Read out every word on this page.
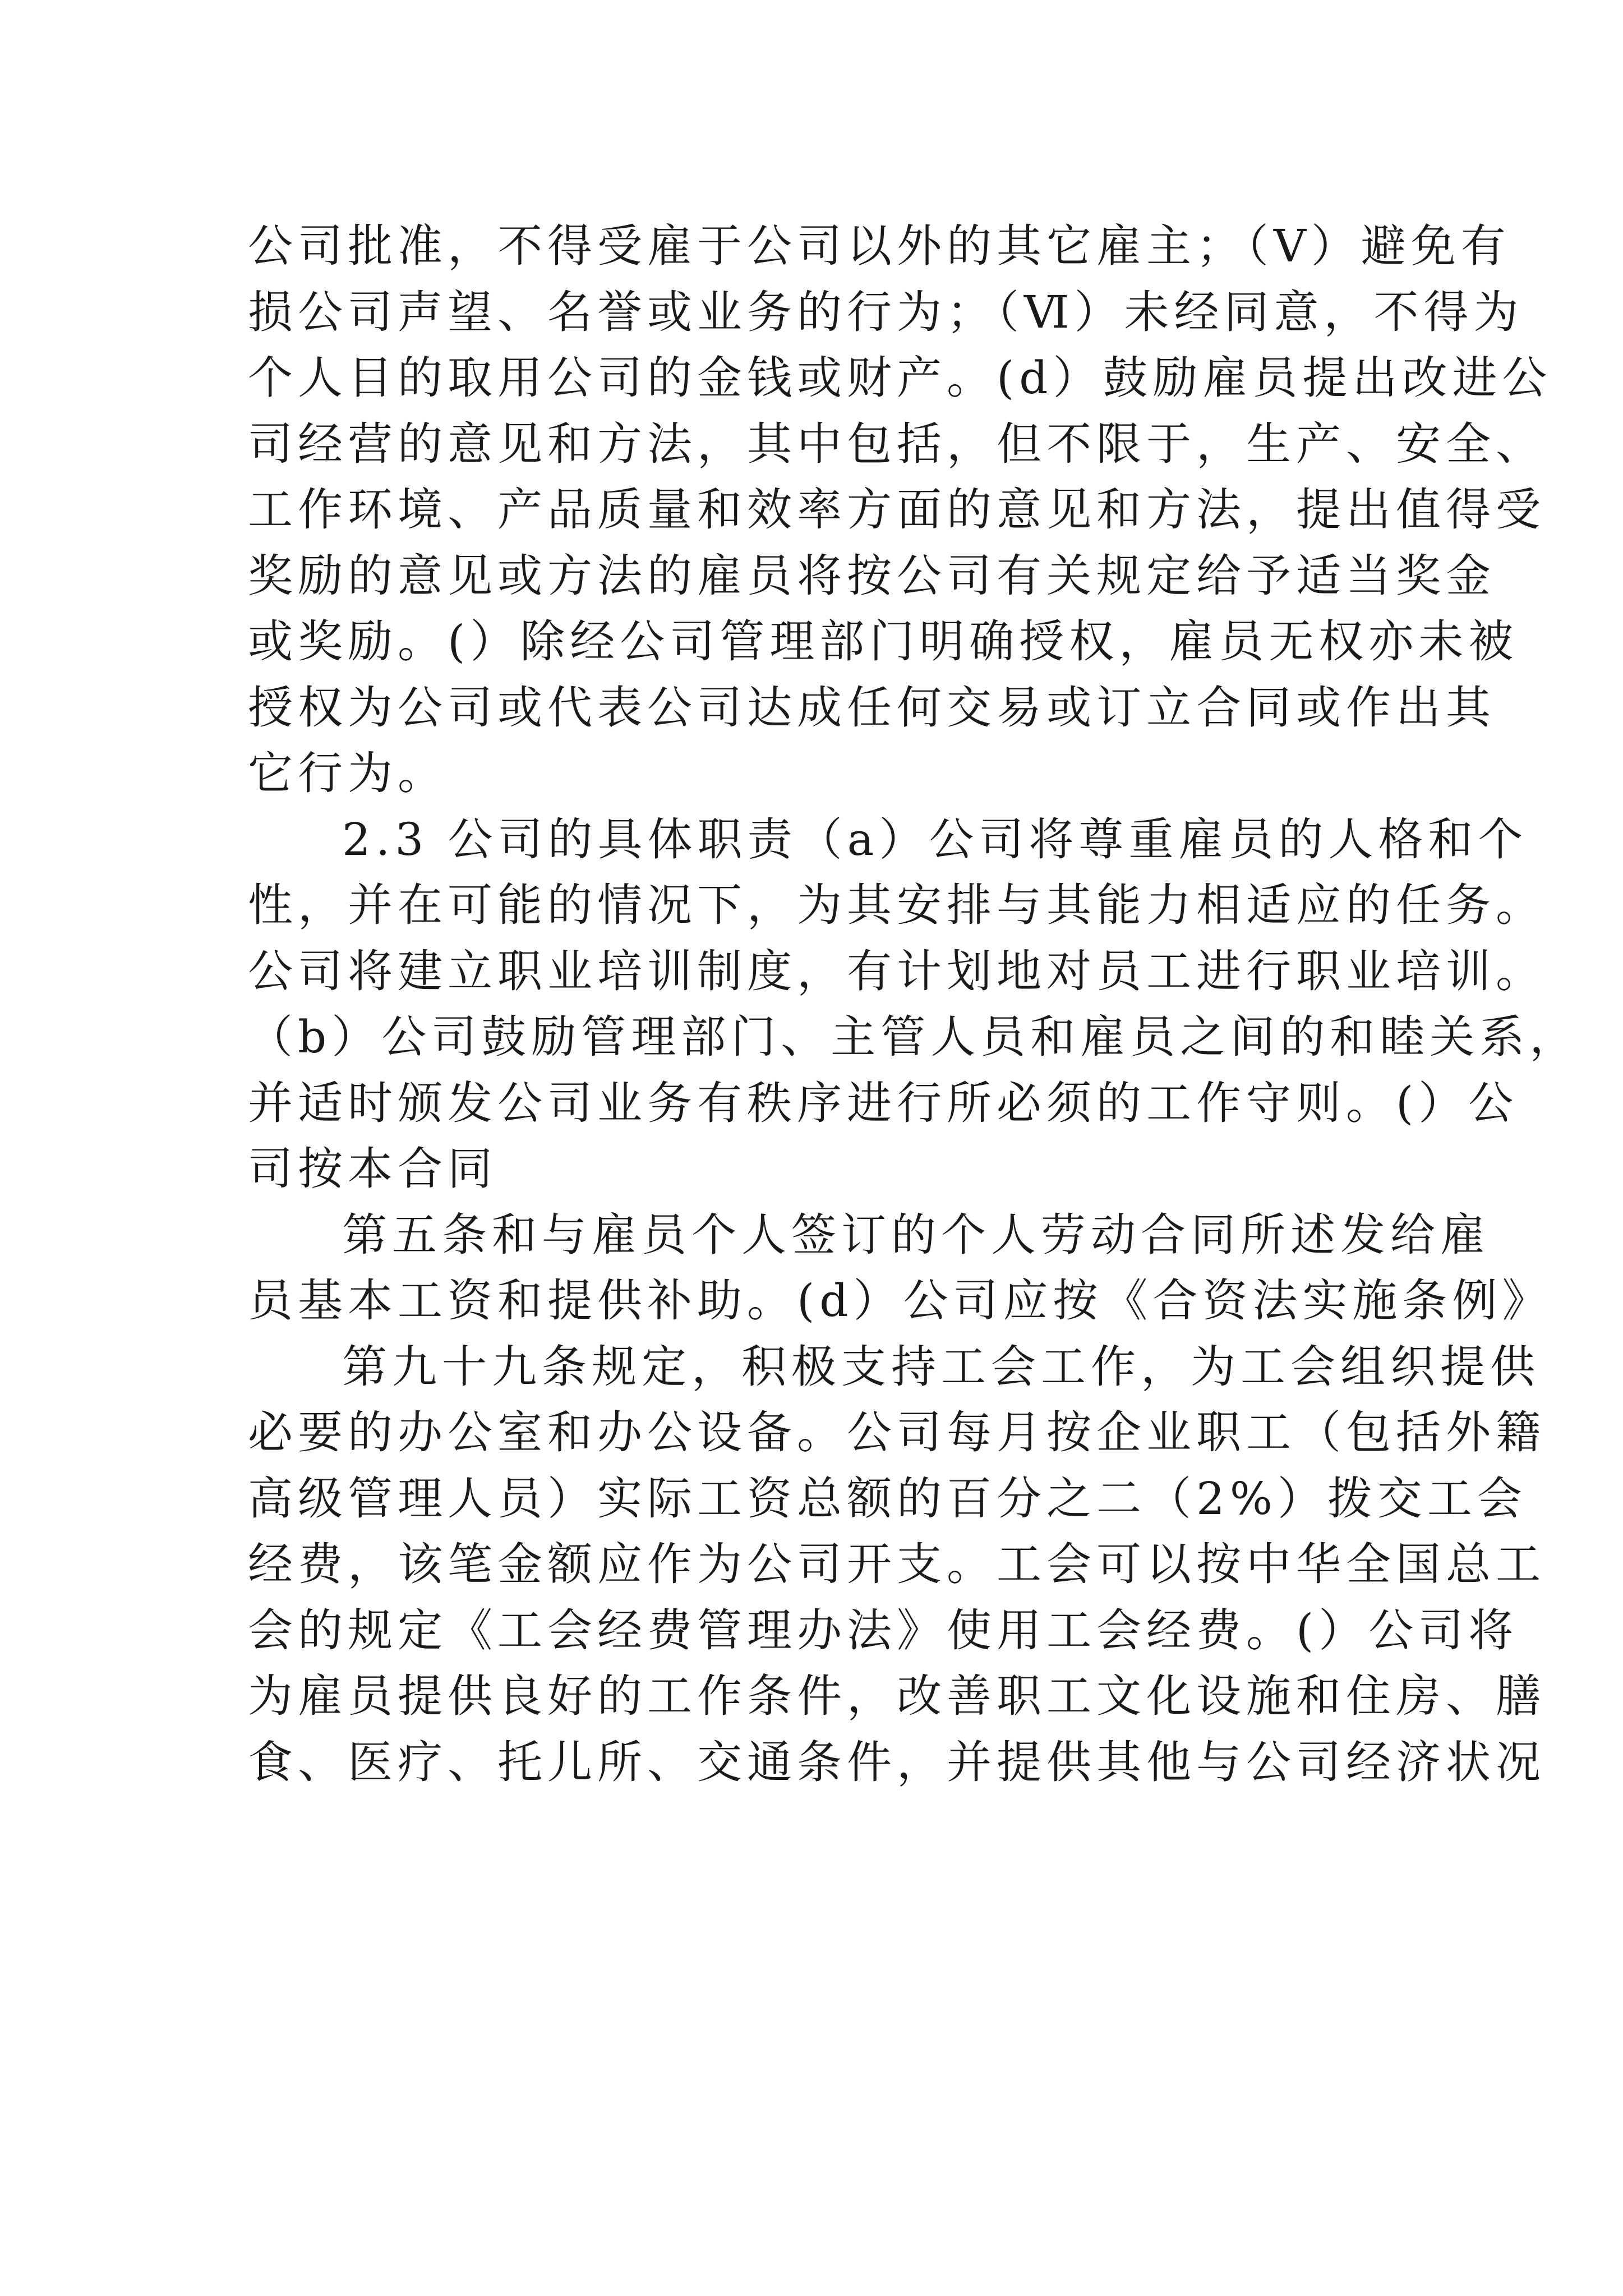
公司批准，不得受雇于公司以外的其它雇主；（Ⅴ）避免有
损公司声望、名誉或业务的行为；（Ⅵ）未经同意，不得为
个人目的取用公司的金钱或财产。(d）鼓励雇员提出改进公
司经营的意见和方法，其中包括，但不限于，生产、安全、
工作环境、产品质量和效率方面的意见和方法，提出值得受
奖励的意见或方法的雇员将按公司有关规定给予适当奖金
或奖励。(）除经公司管理部门明确授权，雇员无权亦未被
授权为公司或代表公司达成任何交易或订立合同或作出其
它行为。
2.3 公司的具体职责（a）公司将尊重雇员的人格和个
性，并在可能的情况下，为其安排与其能力相适应的任务。
公司将建立职业培训制度，有计划地对员工进行职业培训。
（b）公司鼓励管理部门、主管人员和雇员之间的和睦关系，
并适时颁发公司业务有秩序进行所必须的工作守则。(）公
司按本合同
第五条和与雇员个人签订的个人劳动合同所述发给雇
员基本工资和提供补助。(d）公司应按《合资法实施条例》
第九十九条规定，积极支持工会工作，为工会组织提供
必要的办公室和办公设备。公司每月按企业职工（包括外籍
高级管理人员）实际工资总额的百分之二（2%）拨交工会
经费，该笔金额应作为公司开支。工会可以按中华全国总工
会的规定《工会经费管理办法》使用工会经费。(）公司将
为雇员提供良好的工作条件，改善职工文化设施和住房、膳
食、医疗、托儿所、交通条件，并提供其他与公司经济状况
